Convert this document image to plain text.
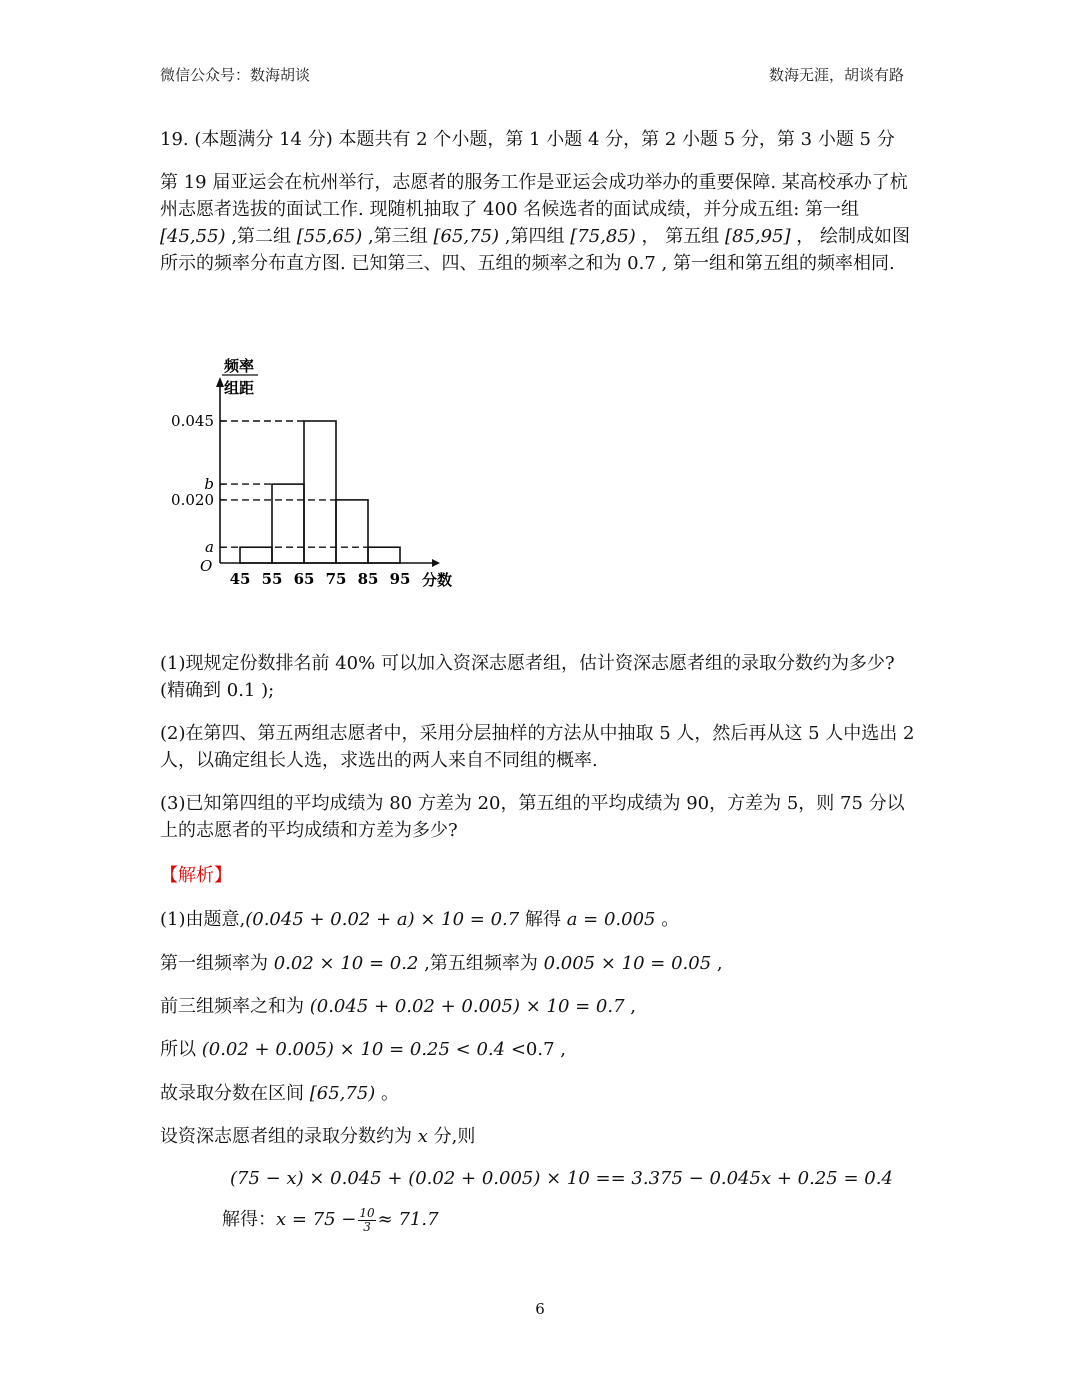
微信公众号：数海胡谈	数海无涯，胡谈有路

19. (本题满分 14 分) 本题共有 2 个小题，第 1 小题 4 分，第 2 小题 5 分，第 3 小题 5 分

第 19 届亚运会在杭州举行，志愿者的服务工作是亚运会成功举办的重要保障. 某高校承办了杭州志愿者选拔的面试工作. 现随机抽取了 400 名候选者的面试成绩，并分成五组: 第一组 [45,55) ,第二组 [55,65) ,第三组 [65,75) ,第四组 [75,85) ， 第五组 [85,95] ， 绘制成如图所示的频率分布直方图. 已知第三、四、五组的频率之和为 0.7 , 第一组和第五组的频率相同.

频率
组距
0.045
b
0.020
a
O
45 55 65 75 85 95 分数

(1)现规定份数排名前 40% 可以加入资深志愿者组，估计资深志愿者组的录取分数约为多少? (精确到 0.1 );

(2)在第四、第五两组志愿者中，采用分层抽样的方法从中抽取 5 人，然后再从这 5 人中选出 2 人，以确定组长人选，求选出的两人来自不同组的概率.

(3)已知第四组的平均成绩为 80 方差为 20，第五组的平均成绩为 90，方差为 5，则 75 分以上的志愿者的平均成绩和方差为多少?

【解析】
(1)由题意,(0.045 + 0.02 + a) × 10 = 0.7 解得 a = 0.005 。
第一组频率为 0.02 × 10 = 0.2 ,第五组频率为 0.005 × 10 = 0.05 ,
前三组频率之和为 (0.045 + 0.02 + 0.005) × 10 = 0.7 ,
所以 (0.02 + 0.005) × 10 = 0.25 < 0.4 <0.7 ,
故录取分数在区间 [65,75) 。
设资深志愿者组的录取分数约为 x 分,则
(75 − x) × 0.045 + (0.02 + 0.005) × 10 == 3.375 − 0.045x + 0.25 = 0.4
解得：$x = 75 - \frac{10}{3} \approx 71.7$
6
